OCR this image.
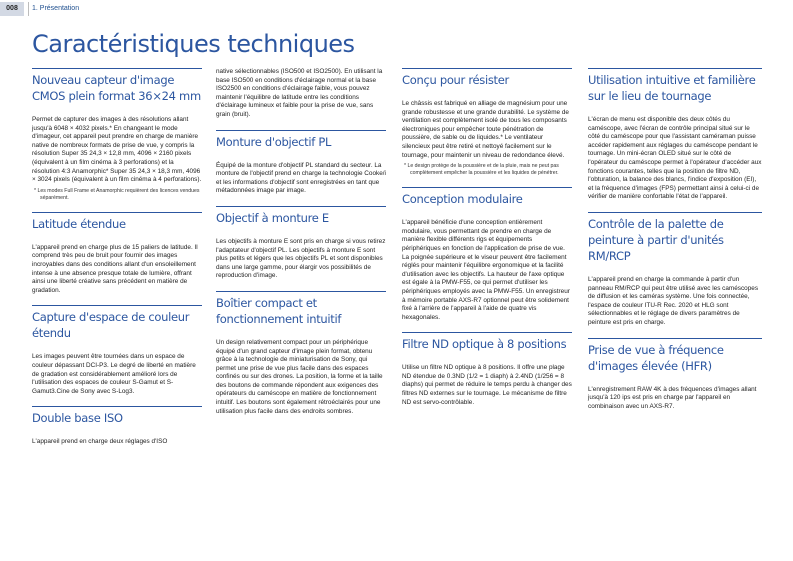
008	1. Présentation
Caractéristiques techniques
Nouveau capteur d'image CMOS plein format 36×24 mm

Permet de capturer des images à des résolutions allant jusqu'à 6048 × 4032 pixels.* En changeant le mode d'imageur, cet appareil peut prendre en charge de manière native de nombreux formats de prise de vue, y compris la résolution Super 35 24,3 × 12,8 mm, 4096 × 2160 pixels (équivalent à un film cinéma à 3 perforations) et la résolution 4:3 Anamorphic* Super 35 24,3 × 18,3 mm, 4096 × 3024 pixels (équivalent à un film cinéma à 4 perforations).

* Les modes Full Frame et Anamorphic requièrent des licences vendues séparément.

Latitude étendue

L'appareil prend en charge plus de 15 paliers de latitude. Il comprend très peu de bruit pour fournir des images incroyables dans des conditions allant d'un ensoleillement intense à une absence presque totale de lumière, offrant ainsi une liberté créative sans précédent en matière de gradation.

Capture d'espace de couleur étendu

Les images peuvent être tournées dans un espace de couleur dépassant DCI-P3. Le degré de liberté en matière de gradation est considérablement amélioré lors de l'utilisation des espaces de couleur S-Gamut et S-Gamut3.Cine de Sony avec S-Log3.

Double base ISO

L'appareil prend en charge deux réglages d'ISO

native sélectionnables (ISO500 et ISO2500). En utilisant la base ISO500 en conditions d'éclairage normal et la base ISO2500 en conditions d'éclairage faible, vous pouvez maintenir l'équilibre de latitude entre les conditions d'éclairage lumineux et faible pour la prise de vue, sans grain (bruit).

Monture d'objectif PL

Équipé de la monture d'objectif PL standard du secteur. La monture de l'objectif prend en charge la technologie Cooke/i et les informations d'objectif sont enregistrées en tant que métadonnées image par image.

Objectif à monture E

Les objectifs à monture E sont pris en charge si vous retirez l'adaptateur d'objectif PL. Les objectifs à monture E sont plus petits et légers que les objectifs PL et sont disponibles dans une large gamme, pour élargir vos possibilités de reproduction d'image.

Boîtier compact et fonctionnement intuitif

Un design relativement compact pour un périphérique équipé d'un grand capteur d'image plein format, obtenu grâce à la technologie de miniaturisation de Sony, qui permet une prise de vue plus facile dans des espaces confinés ou sur des drones. La position, la forme et la taille des boutons de commande répondent aux exigences des opérateurs du caméscope en matière de fonctionnement intuitif. Les boutons sont également rétroéclairés pour une utilisation plus facile dans des endroits sombres.

Conçu pour résister

Le châssis est fabriqué en alliage de magnésium pour une grande robustesse et une grande durabilité. Le système de ventilation est complètement isolé de tous les composants électroniques pour empêcher toute pénétration de poussière, de sable ou de liquides.* Le ventilateur silencieux peut être retiré et nettoyé facilement sur le tournage, pour maintenir un niveau de redondance élevé.

* Le design protège de la poussière et de la pluie, mais ne peut pas complètement empêcher la poussière et les liquides de pénétrer.

Conception modulaire

L'appareil bénéficie d'une conception entièrement modulaire, vous permettant de prendre en charge de manière flexible différents rigs et équipements périphériques en fonction de l'application de prise de vue. La poignée supérieure et le viseur peuvent être facilement réglés pour maintenir l'équilibre ergonomique et la facilité d'utilisation avec les objectifs. La hauteur de l'axe optique est égale à la PMW-F55, ce qui permet d'utiliser les périphériques employés avec la PMW-F55. Un enregistreur à mémoire portable AXS-R7 optionnel peut être solidement fixé à l'arrière de l'appareil à l'aide de quatre vis hexagonales.

Filtre ND optique à 8 positions

Utilise un filtre ND optique à 8 positions. Il offre une plage ND étendue de 0.3ND (1/2 = 1 diaph) à 2.4ND (1/256 = 8 diaphs) qui permet de réduire le temps perdu à changer des filtres ND externes sur le tournage. Le mécanisme de filtre ND est servo-contrôlable.

Utilisation intuitive et familière sur le lieu de tournage

L'écran de menu est disponible des deux côtés du caméscope, avec l'écran de contrôle principal situé sur le côté du caméscope pour que l'assistant caméraman puisse accéder rapidement aux réglages du caméscope pendant le tournage. Un mini-écran OLED situé sur le côté de l'opérateur du caméscope permet à l'opérateur d'accéder aux fonctions courantes, telles que la position de filtre ND, l'obturation, la balance des blancs, l'indice d'exposition (EI), et la fréquence d'images (FPS) permettant ainsi à celui-ci de vérifier de manière confortable l'état de l'appareil.

Contrôle de la palette de peinture à partir d'unités RM/RCP

L'appareil prend en charge la commande à partir d'un panneau RM/RCP qui peut être utilisé avec les caméscopes de diffusion et les caméras système. Une fois connectée, l'espace de couleur ITU-R Rec. 2020 et HLG sont sélectionnables et le réglage de divers paramètres de peinture est pris en charge.

Prise de vue à fréquence d'images élevée (HFR)

L'enregistrement RAW 4K à des fréquences d'images allant jusqu'à 120 ips est pris en charge par l'appareil en combinaison avec un AXS-R7.
